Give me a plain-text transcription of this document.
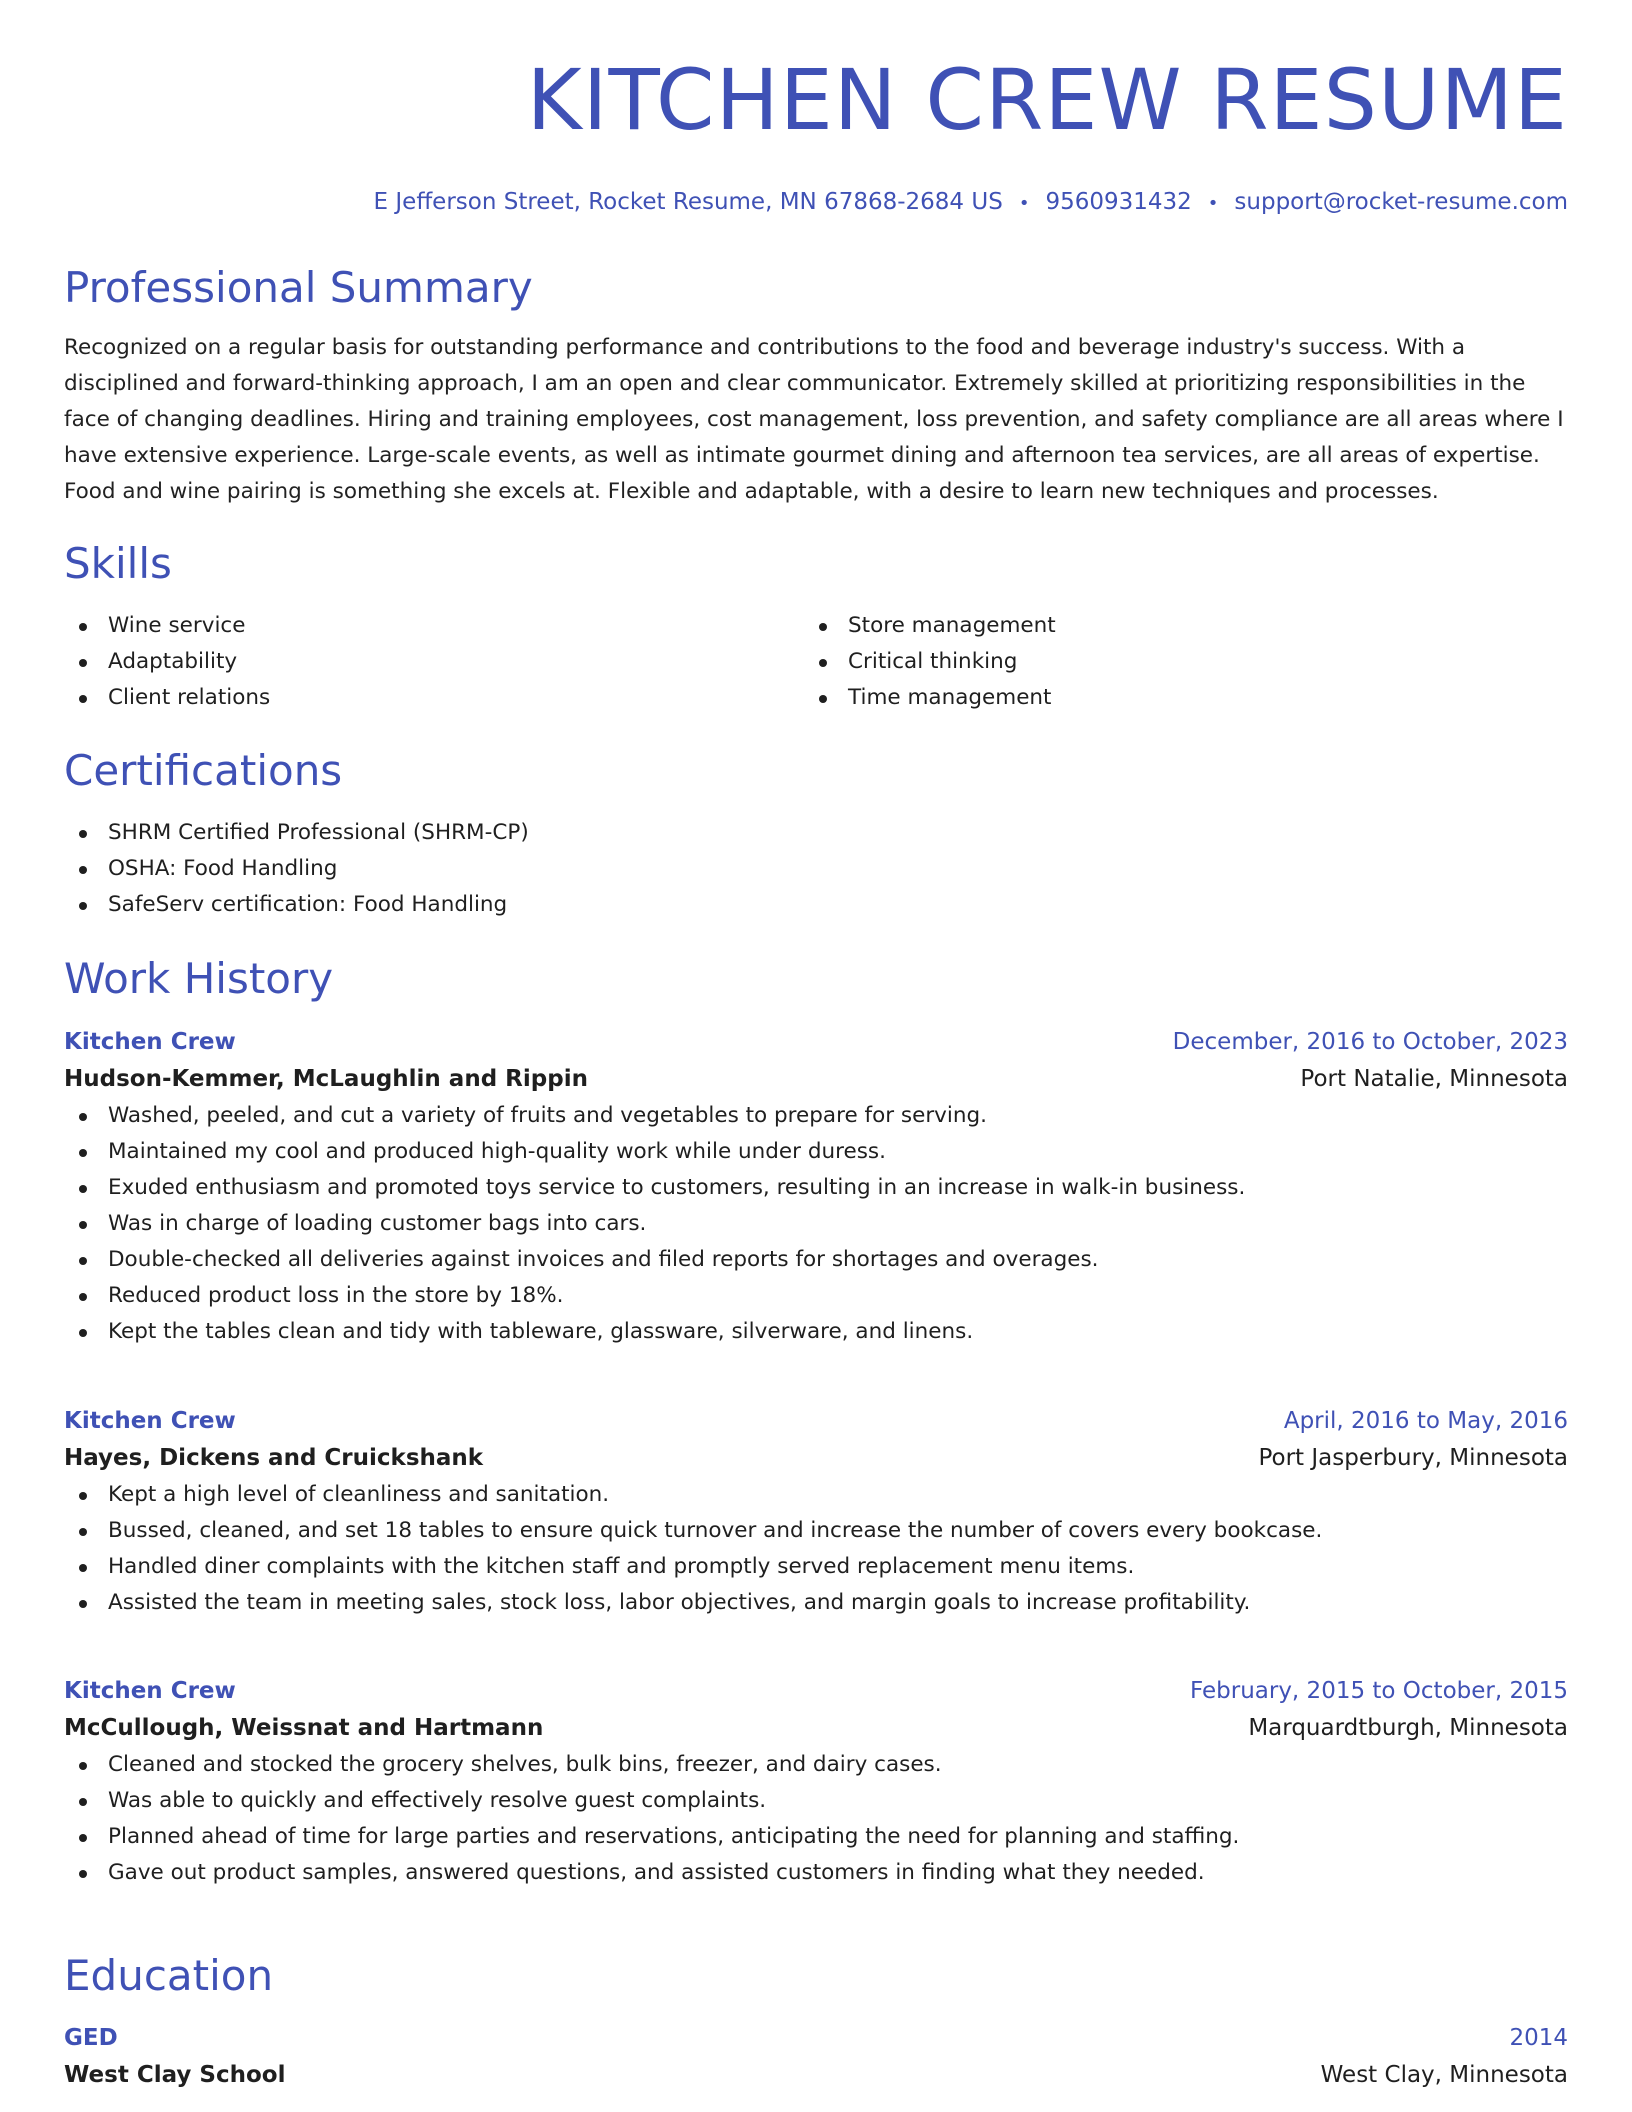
KITCHEN CREW RESUME
E Jefferson Street, Rocket Resume, MN 67868-2684 US • 9560931432 • support@rocket-resume.com
Professional Summary

Recognized on a regular basis for outstanding performance and contributions to the food and beverage industry's success. With a disciplined and forward-thinking approach, I am an open and clear communicator. Extremely skilled at prioritizing responsibilities in the face of changing deadlines. Hiring and training employees, cost management, loss prevention, and safety compliance are all areas where I have extensive experience. Large-scale events, as well as intimate gourmet dining and afternoon tea services, are all areas of expertise. Food and wine pairing is something she excels at. Flexible and adaptable, with a desire to learn new techniques and processes.

Skills
Wine service
Adaptability
Client relations
Store management
Critical thinking
Time management
Certifications
SHRM Certified Professional (SHRM-CP)
OSHA: Food Handling
SafeServ certification: Food Handling
Work History
Kitchen Crew	December, 2016 to October, 2023
Hudson-Kemmer, McLaughlin and Rippin	Port Natalie, Minnesota
Washed, peeled, and cut a variety of fruits and vegetables to prepare for serving.
Maintained my cool and produced high-quality work while under duress.
Exuded enthusiasm and promoted toys service to customers, resulting in an increase in walk-in business.
Was in charge of loading customer bags into cars.
Double-checked all deliveries against invoices and filed reports for shortages and overages.
Reduced product loss in the store by 18%.
Kept the tables clean and tidy with tableware, glassware, silverware, and linens.
Kitchen Crew	April, 2016 to May, 2016
Hayes, Dickens and Cruickshank	Port Jasperbury, Minnesota
Kept a high level of cleanliness and sanitation.
Bussed, cleaned, and set 18 tables to ensure quick turnover and increase the number of covers every bookcase.
Handled diner complaints with the kitchen staff and promptly served replacement menu items.
Assisted the team in meeting sales, stock loss, labor objectives, and margin goals to increase profitability.
Kitchen Crew	February, 2015 to October, 2015
McCullough, Weissnat and Hartmann	Marquardtburgh, Minnesota
Cleaned and stocked the grocery shelves, bulk bins, freezer, and dairy cases.
Was able to quickly and effectively resolve guest complaints.
Planned ahead of time for large parties and reservations, anticipating the need for planning and staffing.
Gave out product samples, answered questions, and assisted customers in finding what they needed.
Education
GED	2014
West Clay School	West Clay, Minnesota
